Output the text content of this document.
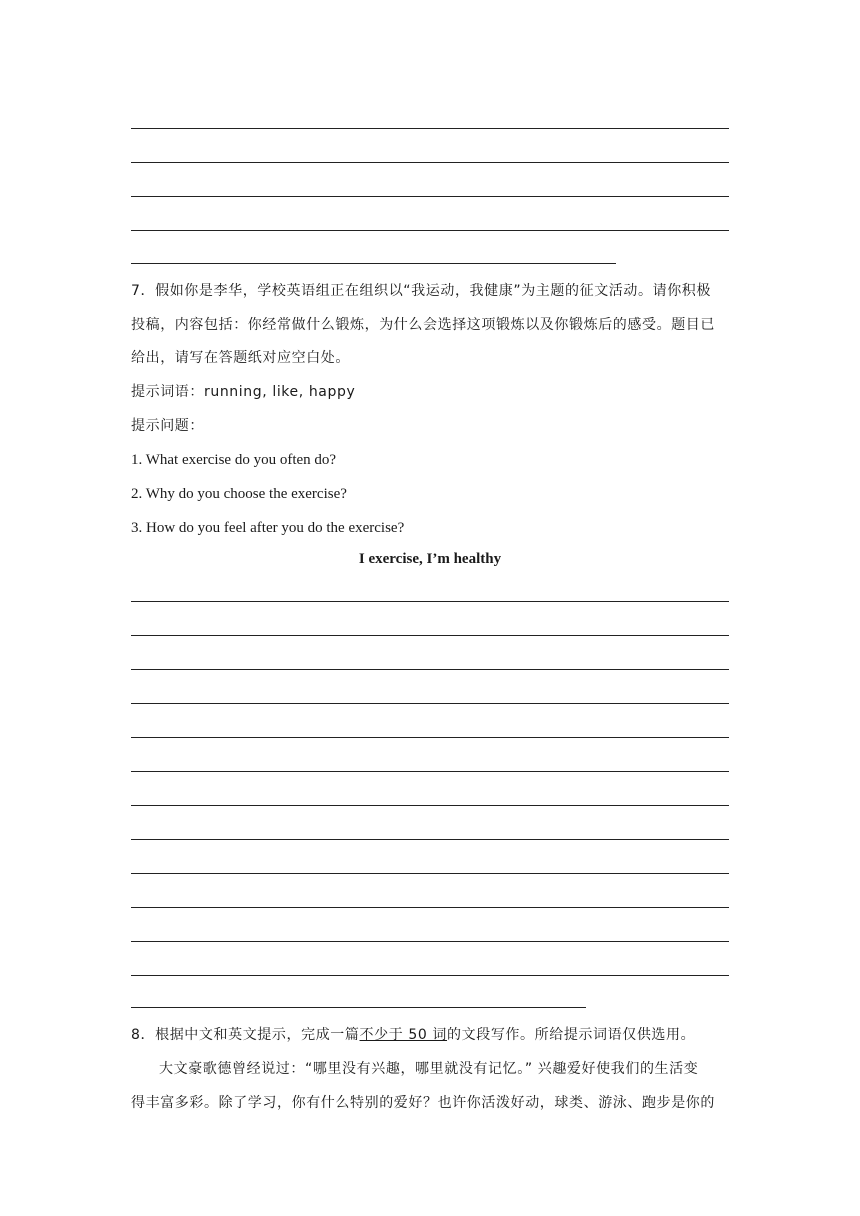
7．假如你是李华，学校英语组正在组织以“我运动，我健康”为主题的征文活动。请你积极
投稿，内容包括：你经常做什么锻炼，为什么会选择这项锻炼以及你锻炼后的感受。题目已
给出，请写在答题纸对应空白处。
提示词语：running, like, happy
提示问题：
1. What exercise do you often do?
2. Why do you choose the exercise?
3. How do you feel after you do the exercise?
I exercise, I’m healthy
8．根据中文和英文提示，完成一篇不少于 50 词的文段写作。所给提示词语仅供选用。
大文豪歌德曾经说过：“哪里没有兴趣，哪里就没有记忆。” 兴趣爱好使我们的生活变
得丰富多彩。除了学习，你有什么特别的爱好？也许你活泼好动，球类、游泳、跑步是你的
